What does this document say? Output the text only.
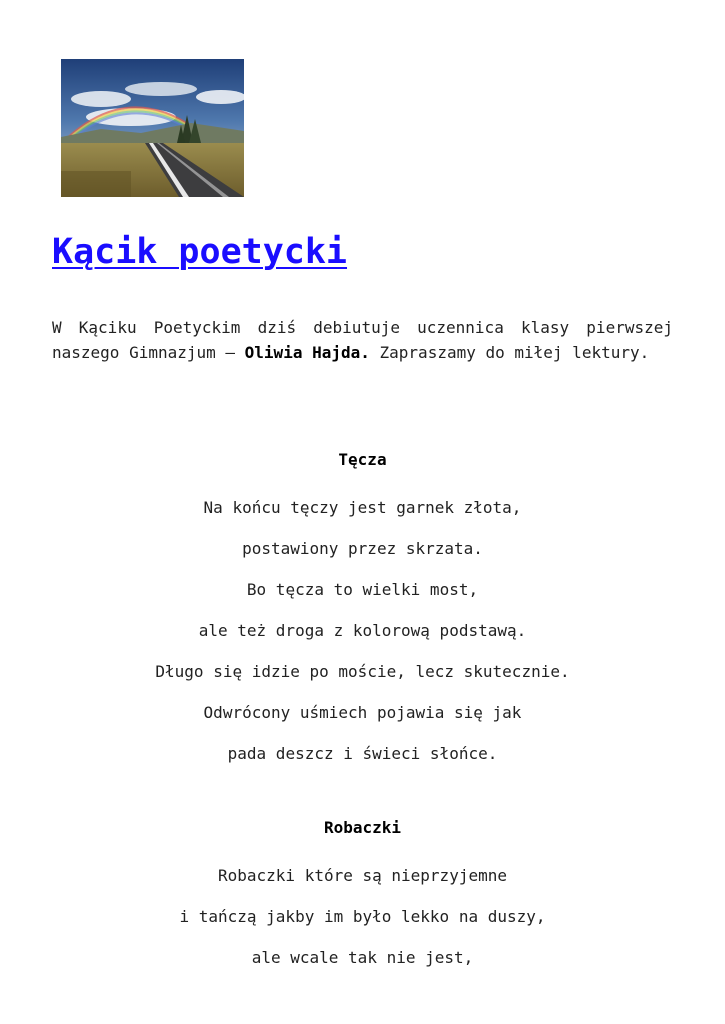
Kącik poetycki

W Kąciku Poetyckim dziś debiutuje uczennica klasy pierwszej naszego Gimnazjum – Oliwia Hajda. Zapraszamy do miłej lektury.

Tęcza

Na końcu tęczy jest garnek złota,

postawiony przez skrzata.

Bo tęcza to wielki most,

ale też droga z kolorową podstawą.

Długo się idzie po moście, lecz skutecznie.

Odwrócony uśmiech pojawia się jak

pada deszcz i świeci słońce.

Robaczki

Robaczki które są nieprzyjemne

i tańczą jakby im było lekko na duszy,

ale wcale tak nie jest,
